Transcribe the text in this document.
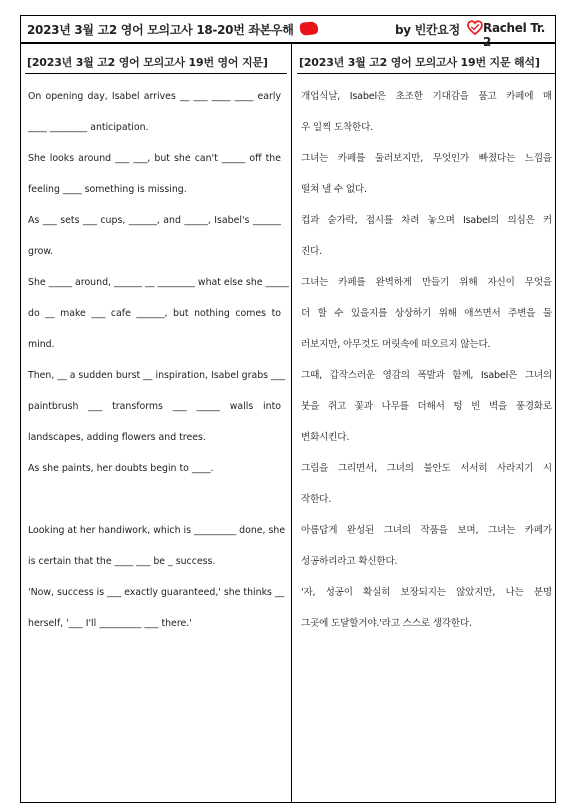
2023년 3월 고2 영어 모의고사 18-20번 좌본우해	by 빈칸요정 Rachel Tr. 2
[2023년 3월 고2 영어 모의고사 19번 영어 지문]
On opening day, Isabel arrives __ ___ ____ ____ early
____ ________ anticipation.
She looks around ___ ___, but she can't _____ off the
feeling ____ something is missing.
As ___ sets ___ cups, ______, and _____, Isabel's ______
grow.
She _____ around, ______ __ ________ what else she _____
do __ make ___ cafe ______, but nothing comes to
mind.
Then, __ a sudden burst __ inspiration, Isabel grabs ___
paintbrush ___ transforms ___ _____ walls into
landscapes, adding flowers and trees.
As she paints, her doubts begin to ____.
Looking at her handiwork, which is _________ done, she
is certain that the ____ ___ be _ success.
'Now, success is ___ exactly guaranteed,' she thinks __
herself, '___ I'll _________ ___ there.'
[2023년 3월 고2 영어 모의고사 19번 지문 해석]
개업식날, Isabel은 초조한 기대감을 품고 카페에 매
우 일찍 도착한다.
그녀는 카페를 둘러보지만, 무엇인가 빠졌다는 느낌을
떨쳐 낼 수 없다.
컵과 숟가락, 접시를 차려 놓으며 Isabel의 의심은 커
진다.
그녀는 카페를 완벽하게 만들기 위해 자신이 무엇을
더 할 수 있을지를 상상하기 위해 애쓰면서 주변을 둘
러보지만, 아무것도 머릿속에 떠오르지 않는다.
그때, 갑작스러운 영감의 폭발과 함께, Isabel은 그녀의
붓을 쥐고 꽃과 나무를 더해서 텅 빈 벽을 풍경화로
변화시킨다.
그림을 그리면서, 그녀의 불안도 서서히 사라지기 시
작한다.
아름답게 완성된 그녀의 작품을 보며, 그녀는 카페가
성공하리라고 확신한다.
'자, 성공이 확실히 보장되지는 않았지만, 나는 분명
그곳에 도달할거야.'라고 스스로 생각한다.
